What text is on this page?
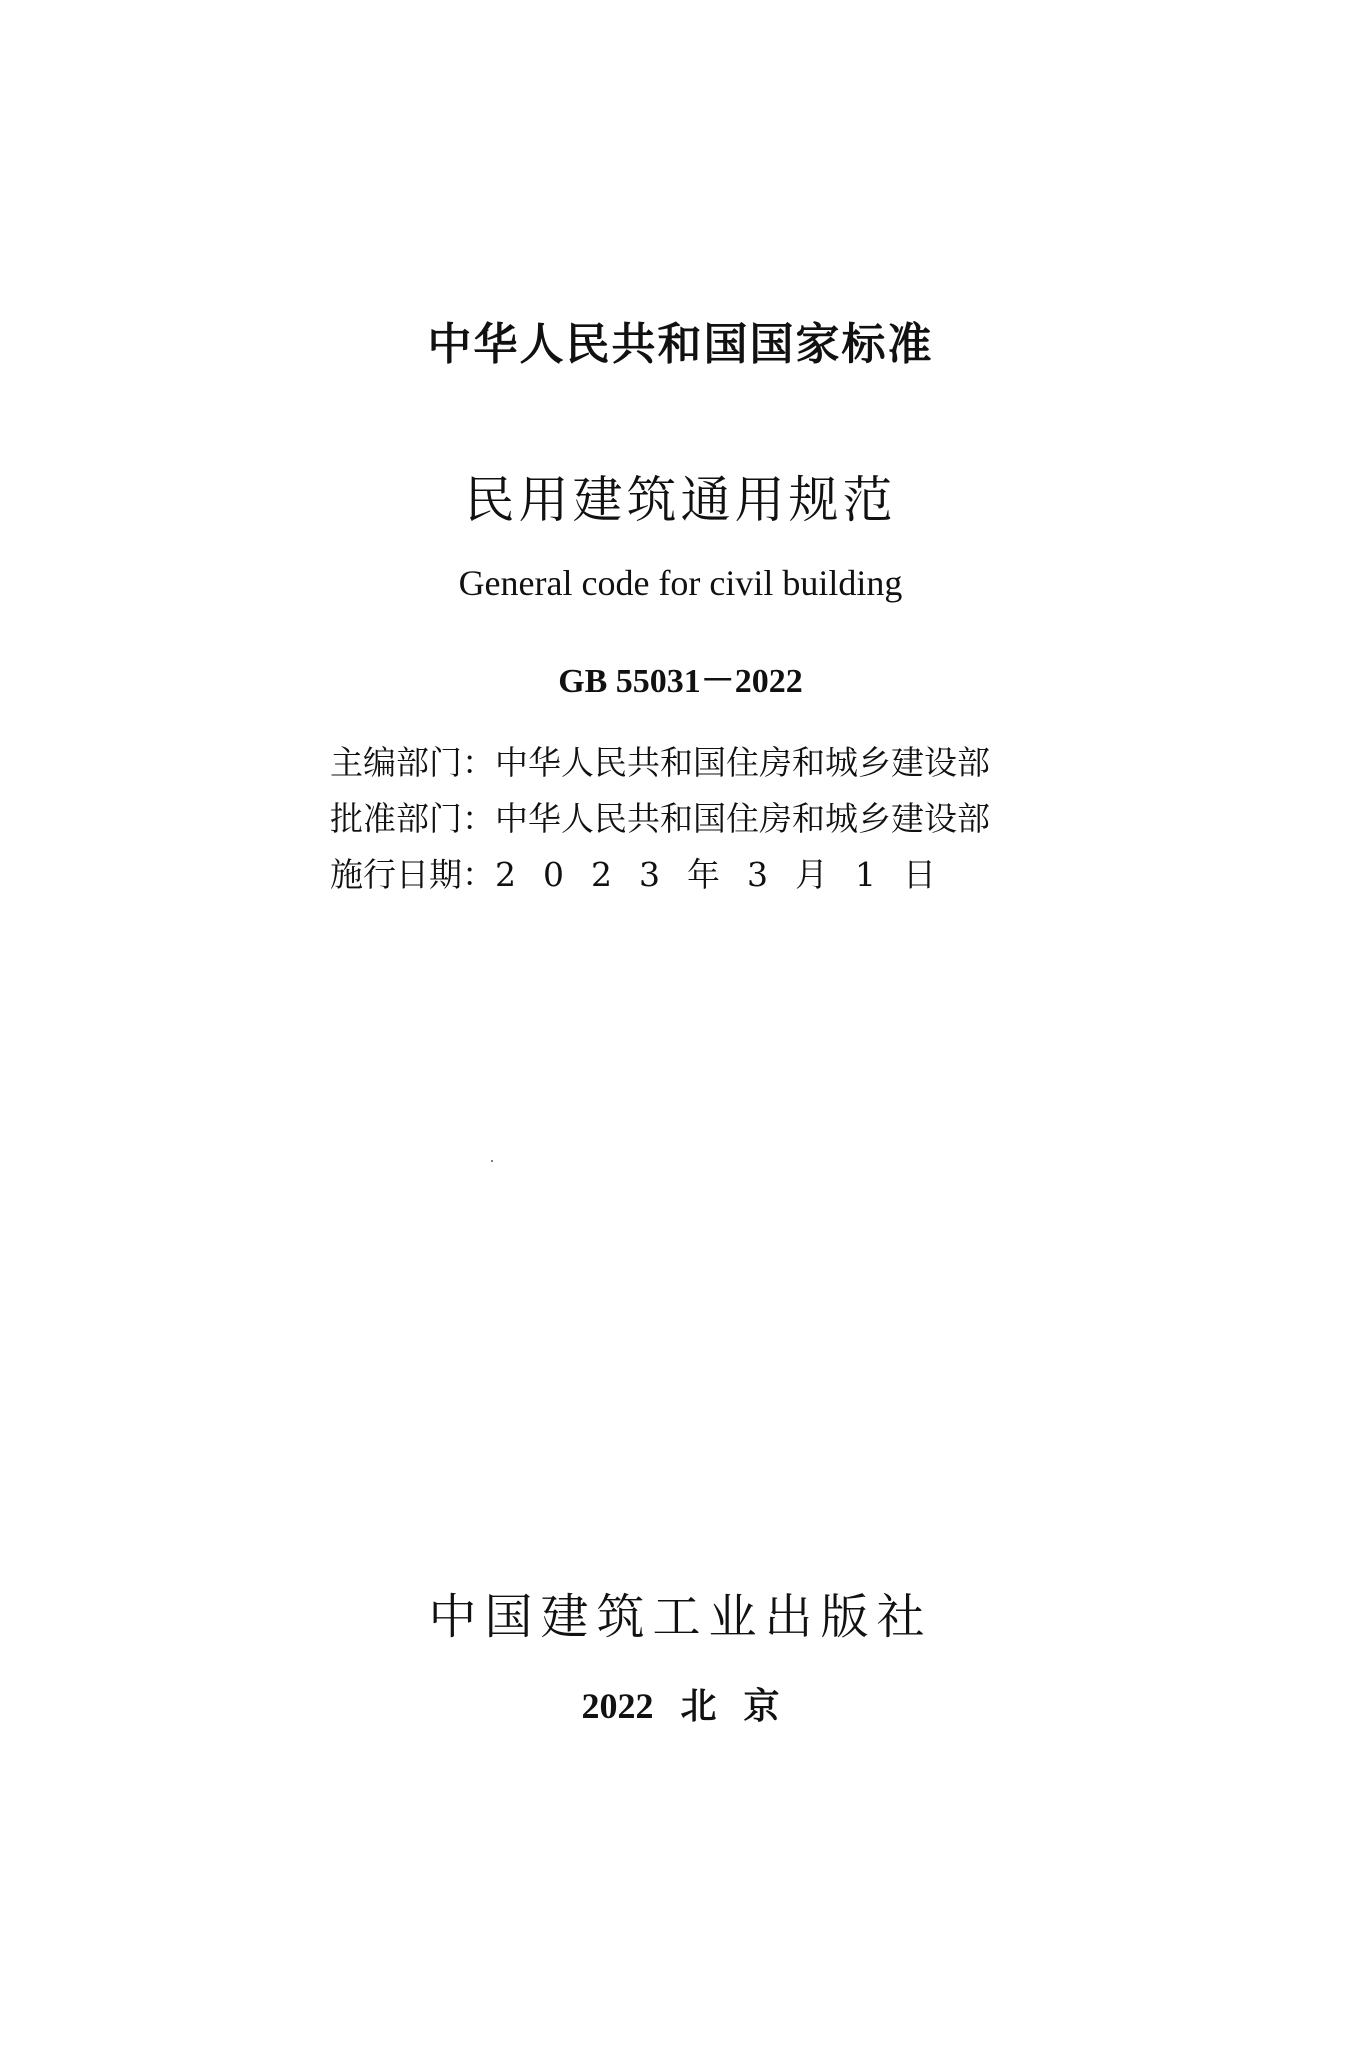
中华人民共和国国家标准
民用建筑通用规范
General code for civil building
GB 55031－2022
主编部门：中华人民共和国住房和城乡建设部
批准部门：中华人民共和国住房和城乡建设部
施行日期：2023年3月1日
中国建筑工业出版社
2022 北 京
